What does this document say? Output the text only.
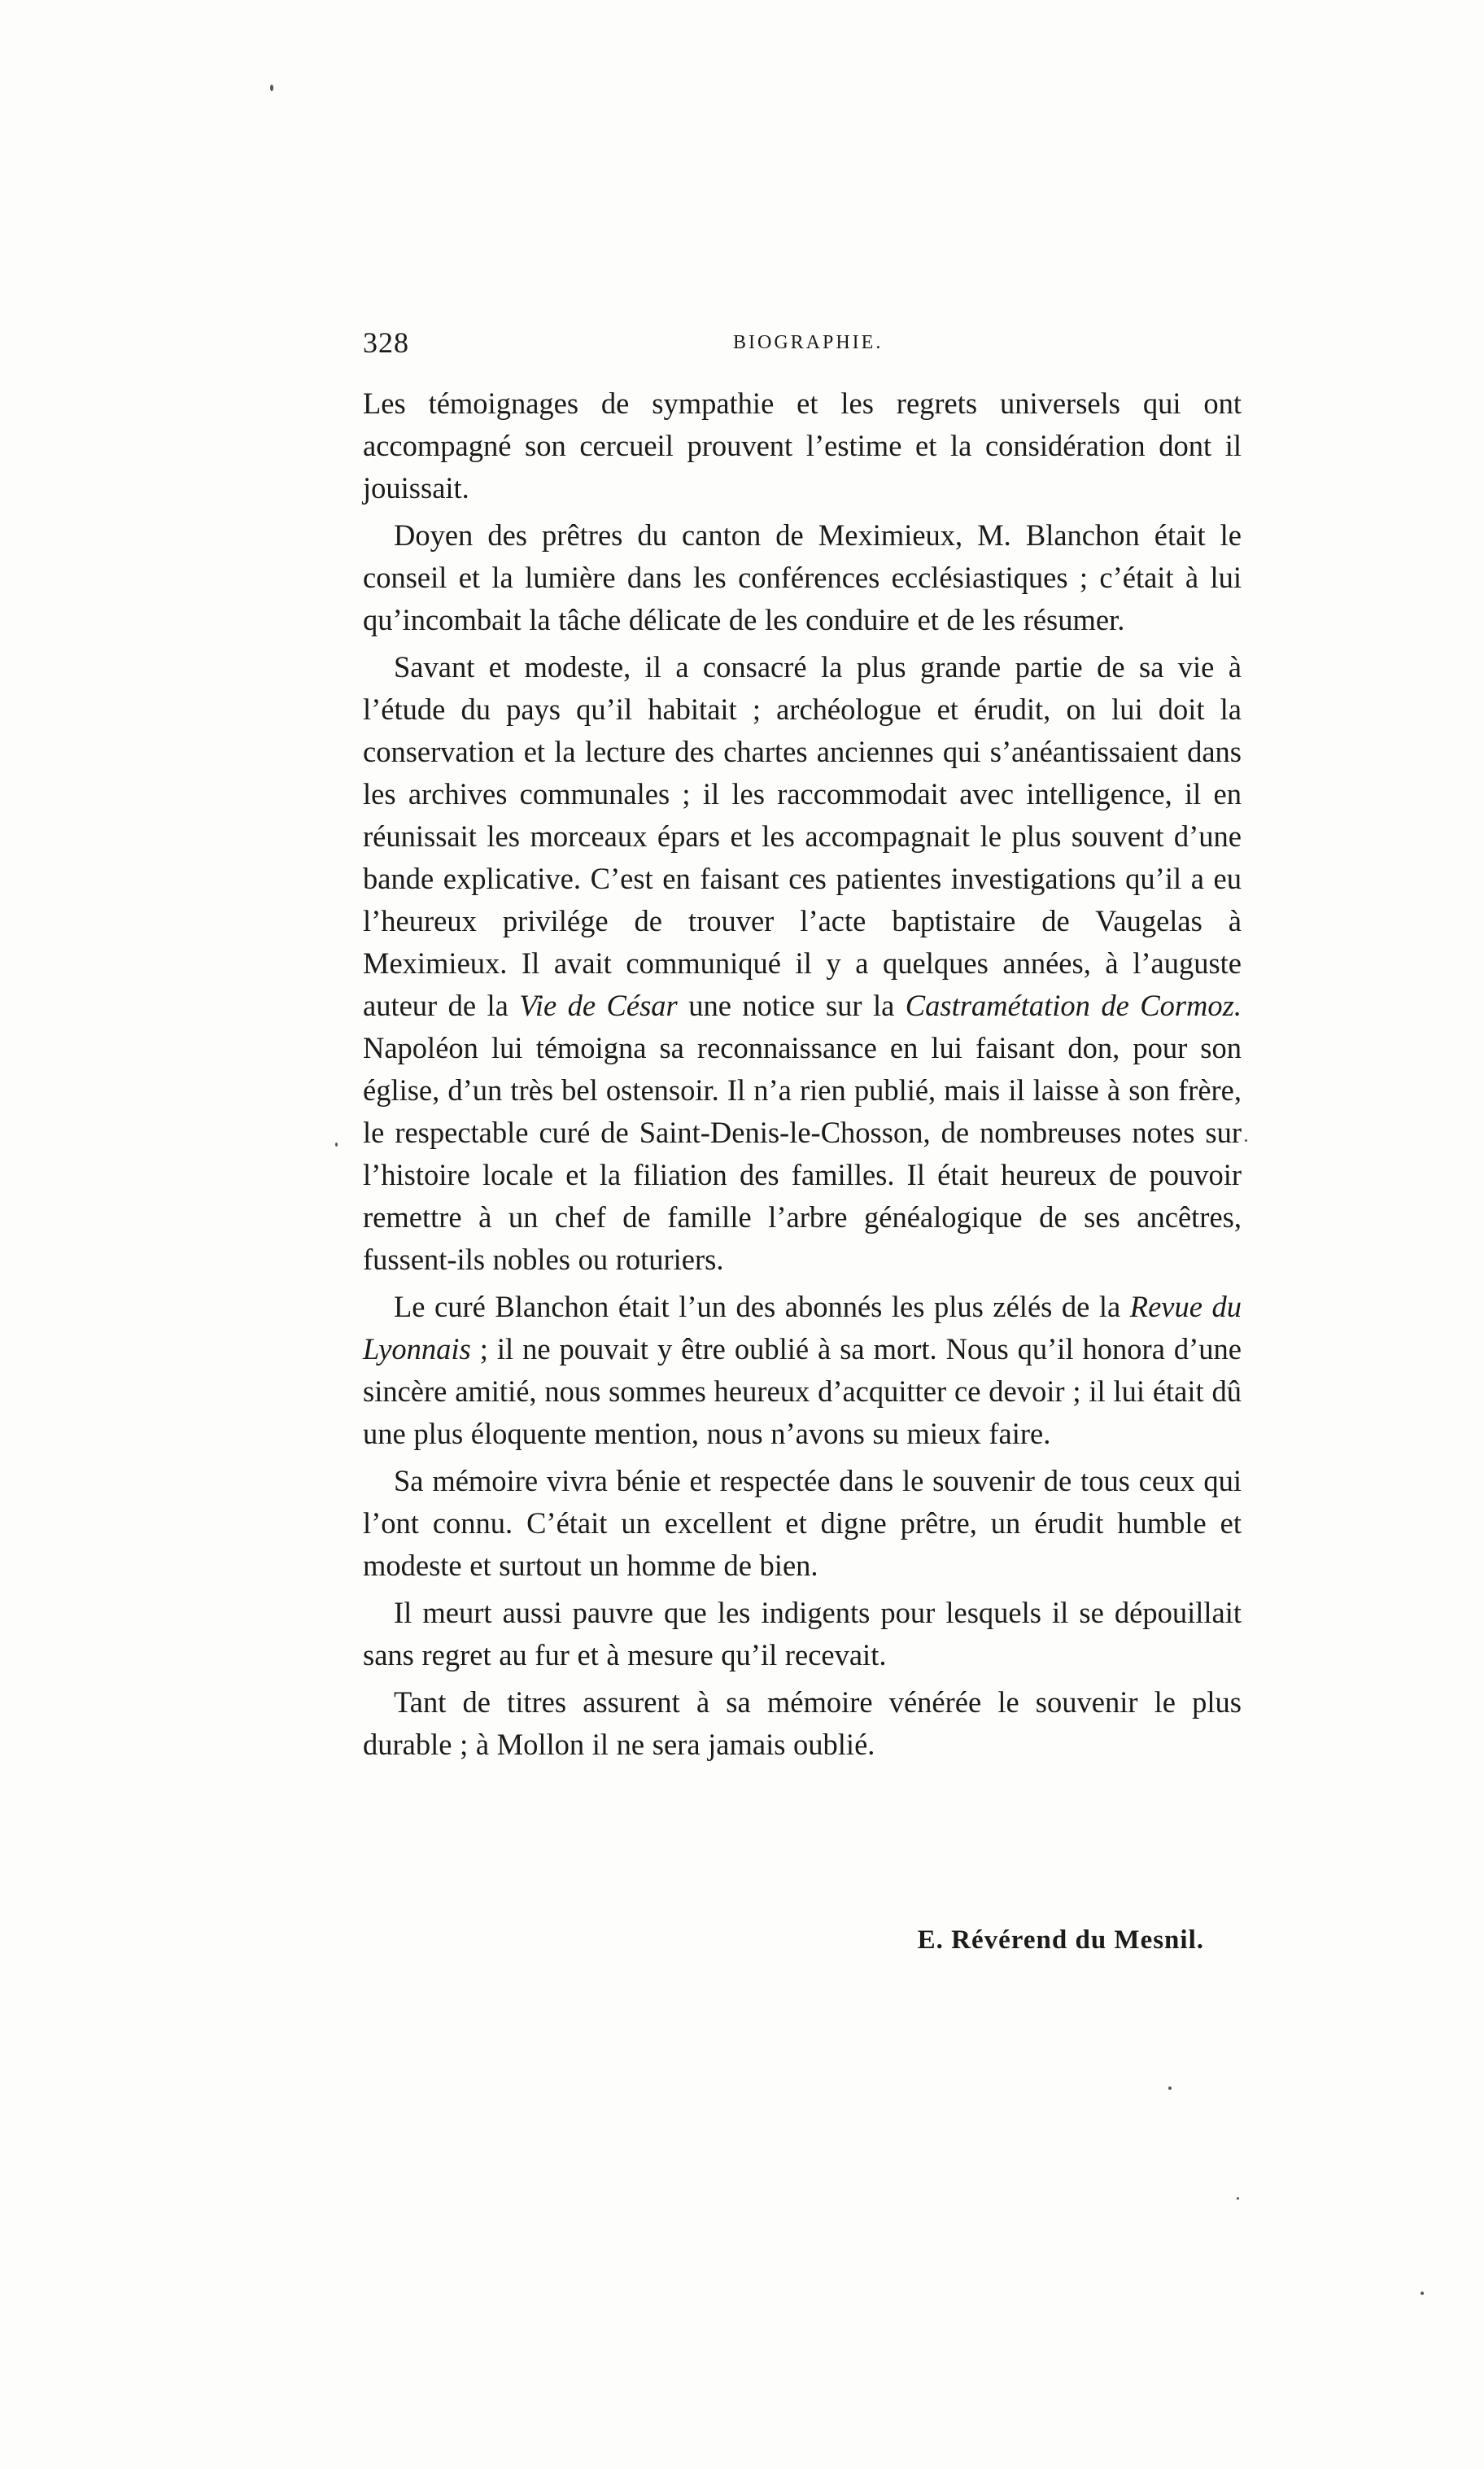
328	BIOGRAPHIE.

Les témoignages de sympathie et les regrets universels qui ont accompagné son cercueil prouvent l’estime et la considération dont il jouissait.

Doyen des prêtres du canton de Meximieux, M. Blanchon était le conseil et la lumière dans les conférences ecclésiastiques ; c’était à lui qu’incombait la tâche délicate de les conduire et de les résumer.

Savant et modeste, il a consacré la plus grande partie de sa vie à l’étude du pays qu’il habitait ; archéologue et érudit, on lui doit la conservation et la lecture des chartes anciennes qui s’anéantissaient dans les archives communales ; il les raccommodait avec intelligence, il en réunissait les morceaux épars et les accompagnait le plus souvent d’une bande explicative. C’est en faisant ces patientes investigations qu’il a eu l’heureux privilége de trouver l’acte baptistaire de Vaugelas à Meximieux. Il avait communiqué il y a quelques années, à l’auguste auteur de la Vie de César une notice sur la Castramétation de Cormoz. Napoléon lui témoigna sa reconnaissance en lui faisant don, pour son église, d’un très bel ostensoir. Il n’a rien publié, mais il laisse à son frère, le respectable curé de Saint-Denis-le-Chosson, de nombreuses notes sur l’histoire locale et la filiation des familles. Il était heureux de pouvoir remettre à un chef de famille l’arbre généalogique de ses ancêtres, fussent-ils nobles ou roturiers.

Le curé Blanchon était l’un des abonnés les plus zélés de la Revue du Lyonnais ; il ne pouvait y être oublié à sa mort. Nous qu’il honora d’une sincère amitié, nous sommes heureux d’acquitter ce devoir ; il lui était dû une plus éloquente mention, nous n’avons su mieux faire.

Sa mémoire vivra bénie et respectée dans le souvenir de tous ceux qui l’ont connu. C’était un excellent et digne prêtre, un érudit humble et modeste et surtout un homme de bien.

Il meurt aussi pauvre que les indigents pour lesquels il se dépouillait sans regret au fur et à mesure qu’il recevait.

Tant de titres assurent à sa mémoire vénérée le souvenir le plus durable ; à Mollon il ne sera jamais oublié.

E. Révérend du Mesnil.
